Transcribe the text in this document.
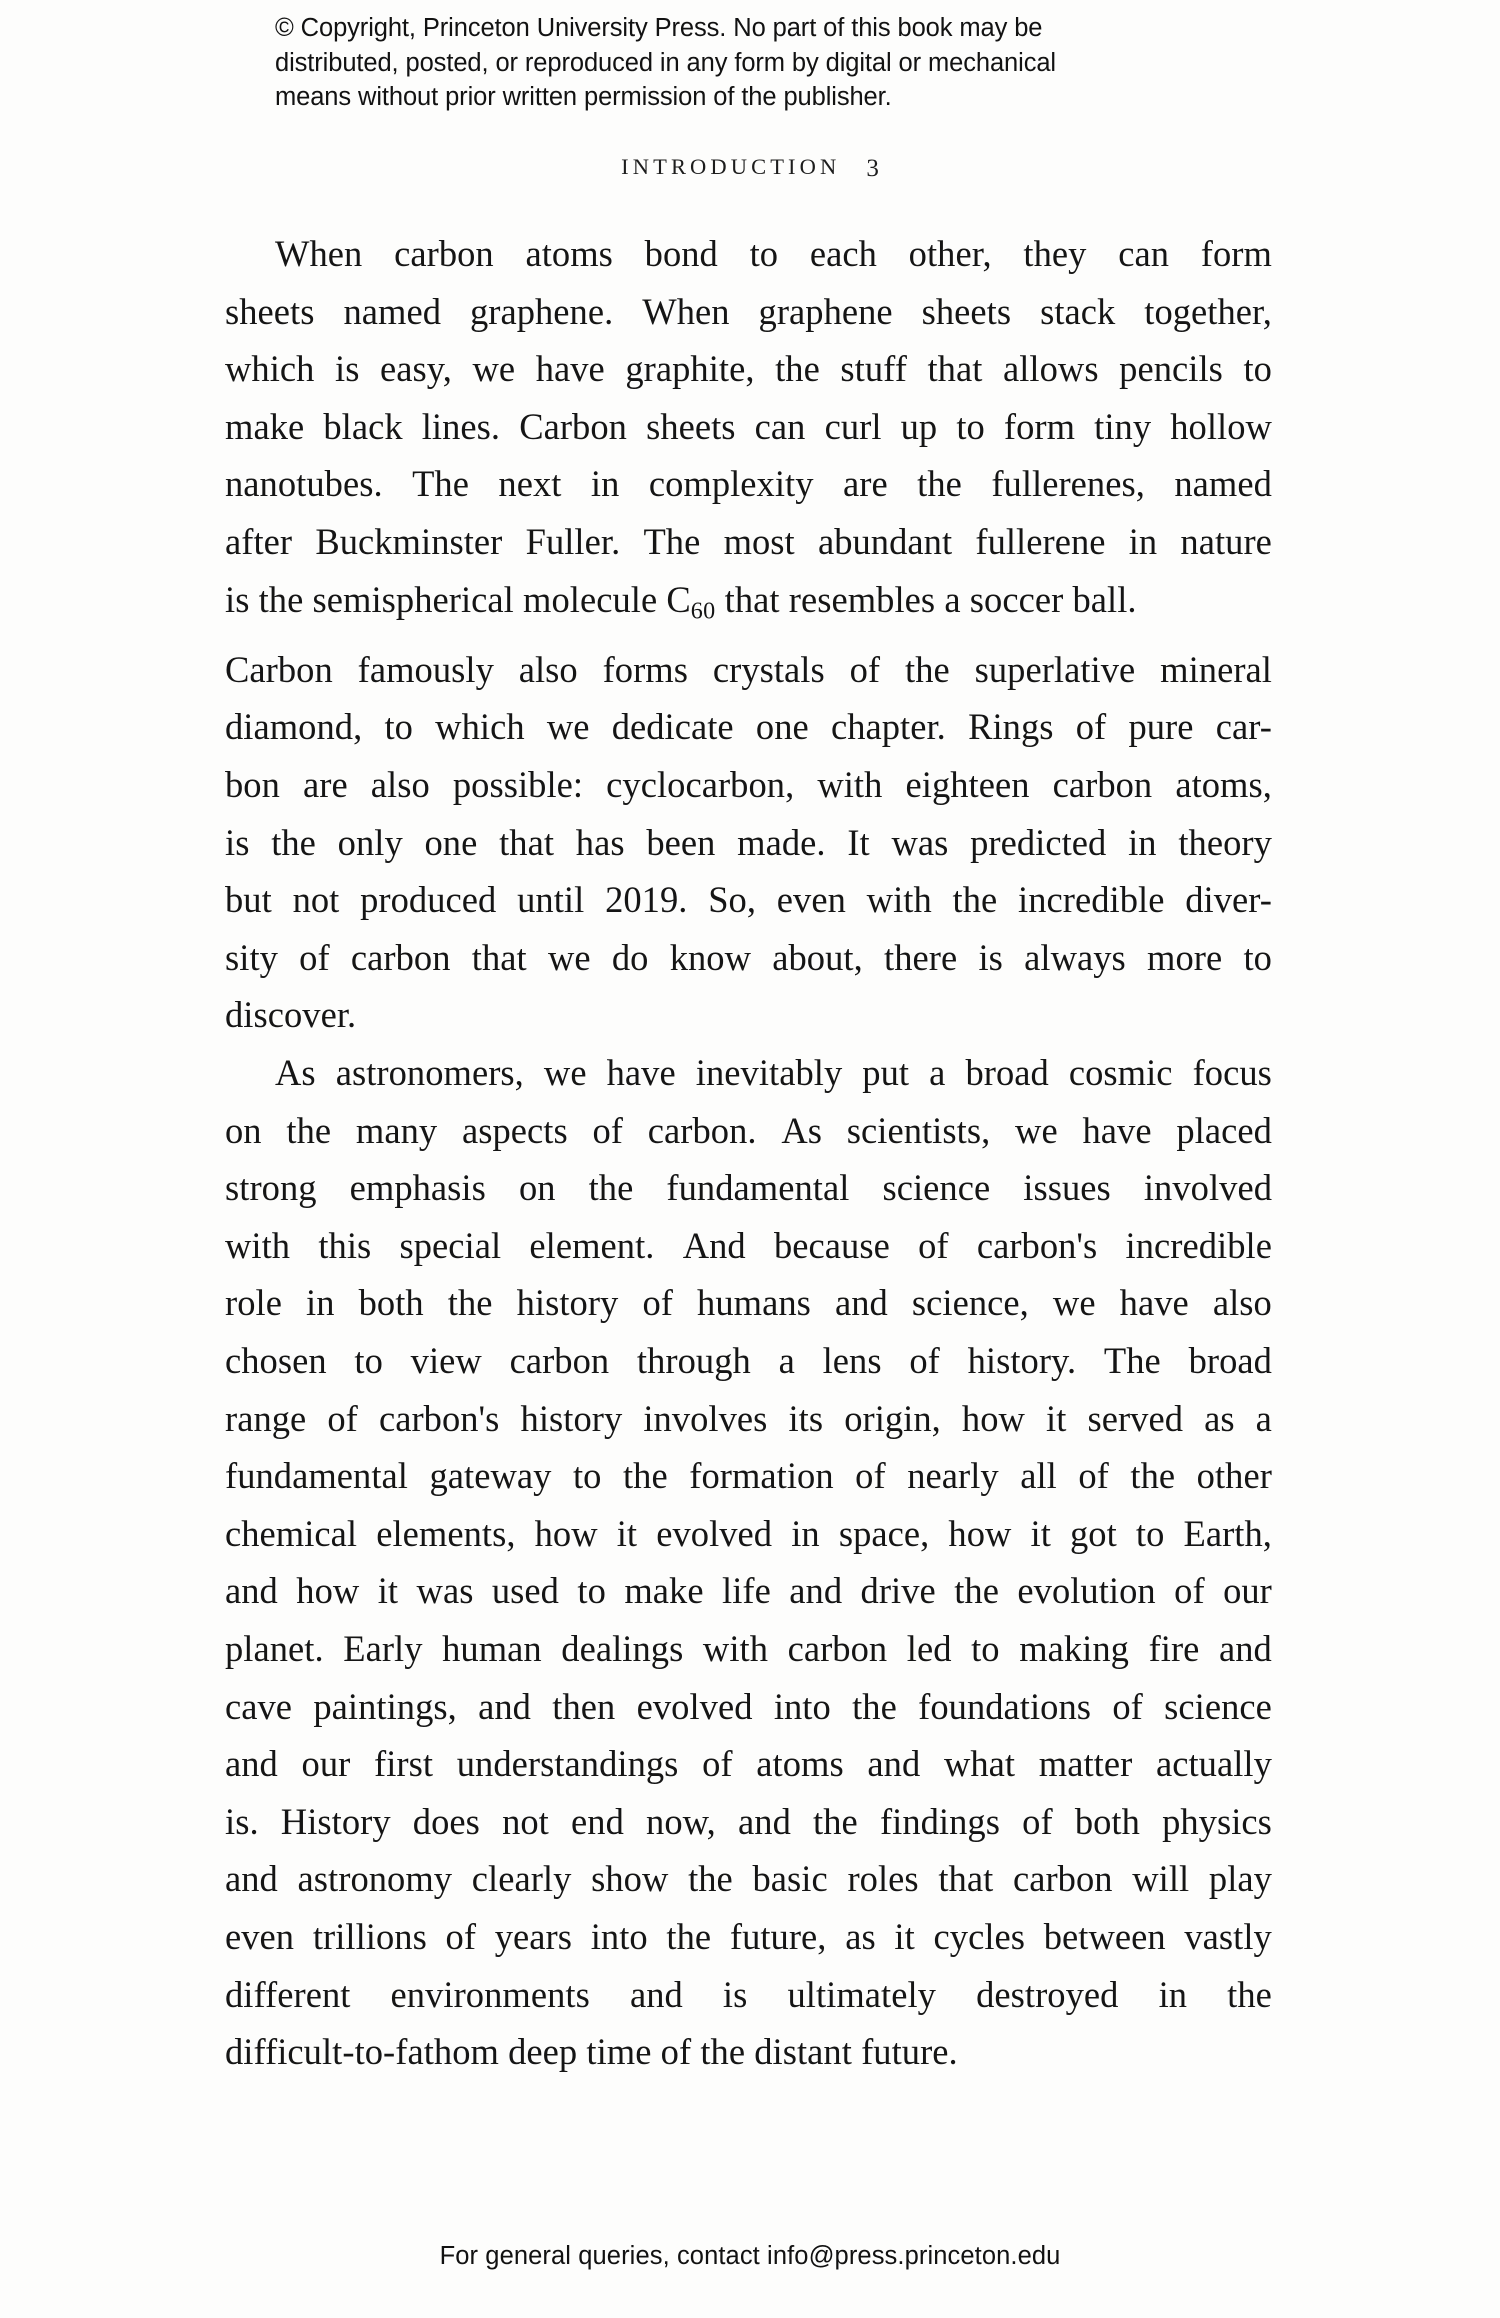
© Copyright, Princeton University Press. No part of this book may be
distributed, posted, or reproduced in any form by digital or mechanical
means without prior written permission of the publisher.
INTRODUCTION 3

When carbon atoms bond to each other, they can form
sheets named graphene. When graphene sheets stack together,
which is easy, we have graphite, the stuff that allows pencils to
make black lines. Carbon sheets can curl up to form tiny hollow
nanotubes. The next in complexity are the fullerenes, named
after Buckminster Fuller. The most abundant fullerene in nature
is the semispherical molecule $C_{60}$ that resembles a soccer ball.
Carbon famously also forms crystals of the superlative mineral
diamond, to which we dedicate one chapter. Rings of pure car-
bon are also possible: cyclocarbon, with eighteen carbon atoms,
is the only one that has been made. It was predicted in theory
but not produced until 2019. So, even with the incredible diver-
sity of carbon that we do know about, there is always more to
discover.

As astronomers, we have inevitably put a broad cosmic focus
on the many aspects of carbon. As scientists, we have placed
strong emphasis on the fundamental science issues involved
with this special element. And because of carbon's incredible
role in both the history of humans and science, we have also
chosen to view carbon through a lens of history. The broad
range of carbon's history involves its origin, how it served as a
fundamental gateway to the formation of nearly all of the other
chemical elements, how it evolved in space, how it got to Earth,
and how it was used to make life and drive the evolution of our
planet. Early human dealings with carbon led to making fire and
cave paintings, and then evolved into the foundations of science
and our first understandings of atoms and what matter actually
is. History does not end now, and the findings of both physics
and astronomy clearly show the basic roles that carbon will play
even trillions of years into the future, as it cycles between vastly
different environments and is ultimately destroyed in the
difficult-to-fathom deep time of the distant future.

For general queries, contact info@press.princeton.edu
